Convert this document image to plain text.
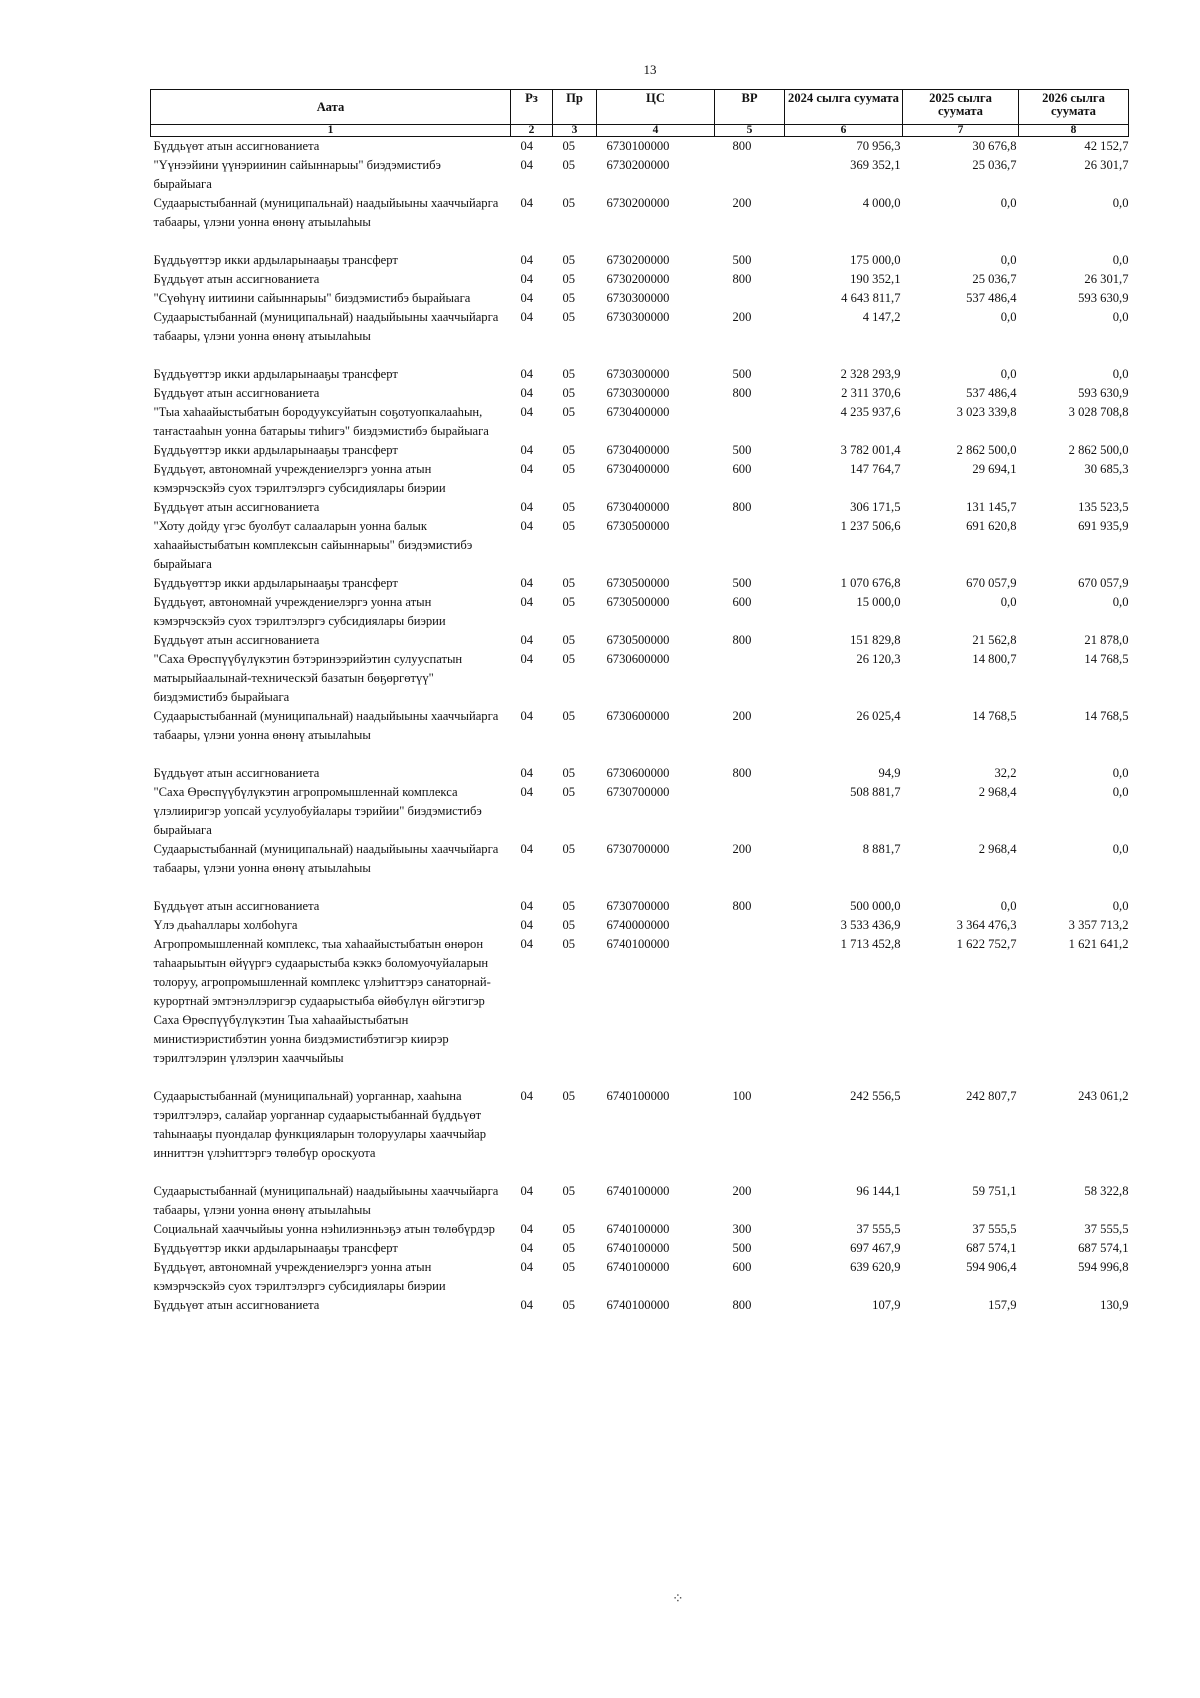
13
Аата	Рз	Пр	ЦС	ВР	2024 сылга суумата	2025 сылга суумата	2026 сылга суумата
1	2	3	4	5	6	7	8
Бүддьүөт атын ассигнованиета	04	05	6730100000	800	70 956,3	30 676,8	42 152,7
"Үүнээйини үүнэриинин сайыннарыы" биэдэмистибэ бырайыага	04	05	6730200000		369 352,1	25 036,7	26 301,7
Судаарыстыбаннай (муниципальнай) наадыйыыны хааччыйарга табаары, үлэни уонна өнөнү атыылаhыы	04	05	6730200000	200	4 000,0	0,0	0,0
Бүддьүөттэр икки ардыларынааҕы трансферт	04	05	6730200000	500	175 000,0	0,0	0,0
Бүддьүөт атын ассигнованиета	04	05	6730200000	800	190 352,1	25 036,7	26 301,7
"Сүөhүнү иитиини сайыннарыы" биэдэмистибэ бырайыага	04	05	6730300000		4 643 811,7	537 486,4	593 630,9
Судаарыстыбаннай (муниципальнай) наадыйыыны хааччыйарга табаары, үлэни уонна өнөнү атыылаhыы	04	05	6730300000	200	4 147,2	0,0	0,0
Бүддьүөттэр икки ардыларынааҕы трансферт	04	05	6730300000	500	2 328 293,9	0,0	0,0
Бүддьүөт атын ассигнованиета	04	05	6730300000	800	2 311 370,6	537 486,4	593 630,9
"Тыа хаhаайыстыбатын бородууксуйатын соҕотуопкалааhын, таҥастааhын уонна батарыы тиhигэ" биэдэмистибэ бырайыага	04	05	6730400000		4 235 937,6	3 023 339,8	3 028 708,8
Бүддьүөттэр икки ардыларынааҕы трансферт	04	05	6730400000	500	3 782 001,4	2 862 500,0	2 862 500,0
Бүддьүөт, автономнай учреждениелэргэ уонна атын кэмэрчэскэйэ суох тэрилтэлэргэ субсидиялары биэрии	04	05	6730400000	600	147 764,7	29 694,1	30 685,3
Бүддьүөт атын ассигнованиета	04	05	6730400000	800	306 171,5	131 145,7	135 523,5
"Хоту дойду үгэс буолбут салааларын уонна балык хаhаайыстыбатын комплексын сайыннарыы" биэдэмистибэ бырайыага	04	05	6730500000		1 237 506,6	691 620,8	691 935,9
Бүддьүөттэр икки ардыларынааҕы трансферт	04	05	6730500000	500	1 070 676,8	670 057,9	670 057,9
Бүддьүөт, автономнай учреждениелэргэ уонна атын кэмэрчэскэйэ суох тэрилтэлэргэ субсидиялары биэрии	04	05	6730500000	600	15 000,0	0,0	0,0
Бүддьүөт атын ассигнованиета	04	05	6730500000	800	151 829,8	21 562,8	21 878,0
"Саха Өрөспүүбүлүкэтин бэтэринээрийэтин сулууспатын матырыйаалынай-техническэй базатын бөҕөргөтүү" биэдэмистибэ бырайыага	04	05	6730600000		26 120,3	14 800,7	14 768,5
Судаарыстыбаннай (муниципальнай) наадыйыыны хааччыйарга табаары, үлэни уонна өнөнү атыылаhыы	04	05	6730600000	200	26 025,4	14 768,5	14 768,5
Бүддьүөт атын ассигнованиета	04	05	6730600000	800	94,9	32,2	0,0
"Саха Өрөспүүбүлүкэтин агропромышленнай комплекса үлэлииригэр уопсай усулуобуйалары тэрийии" биэдэмистибэ бырайыага	04	05	6730700000		508 881,7	2 968,4	0,0
Судаарыстыбаннай (муниципальнай) наадыйыыны хааччыйарга табаары, үлэни уонна өнөнү атыылаhыы	04	05	6730700000	200	8 881,7	2 968,4	0,0
Бүддьүөт атын ассигнованиета	04	05	6730700000	800	500 000,0	0,0	0,0
Үлэ дьаhаллары холбоhуга	04	05	6740000000		3 533 436,9	3 364 476,3	3 357 713,2
Агропромышленнай комплекс, тыа хаhаайыстыбатын өнөрон таhаарыытын өйүүргэ судаарыстыба кэккэ боломуочуйаларын толоруу, агропромышленнай комплекс үлэhиттэрэ санаторнай-курортнай эмтэнэллэригэр судаарыстыба өйөбүлүн өйгэтигэр Саха Өрөспүүбүлүкэтин Тыа хаhаайыстыбатын министиэристибэтин уонна биэдэмистибэтигэр киирэр тэрилтэлэрин үлэлэрин хааччыйыы	04	05	6740100000		1 713 452,8	1 622 752,7	1 621 641,2
Судаарыстыбаннай (муниципальнай) уорганнар, хааhына тэрилтэлэрэ, салайар уорганнар судаарыстыбаннай бүддьүөт таhынааҕы пуондалар функцияларын толоруулары хааччыйар инниттэн үлэhиттэргэ төлөбүр ороскуота	04	05	6740100000	100	242 556,5	242 807,7	243 061,2
Судаарыстыбаннай (муниципальнай) наадыйыыны хааччыйарга табаары, үлэни уонна өнөнү атыылаhыы	04	05	6740100000	200	96 144,1	59 751,1	58 322,8
Социальнай хааччыйыы уонна нэhилиэнньэҕэ атын төлөбүрдэр	04	05	6740100000	300	37 555,5	37 555,5	37 555,5
Бүддьүөттэр икки ардыларынааҕы трансферт	04	05	6740100000	500	697 467,9	687 574,1	687 574,1
Бүддьүөт, автономнай учреждениелэргэ уонна атын кэмэрчэскэйэ суох тэрилтэлэргэ субсидиялары биэрии	04	05	6740100000	600	639 620,9	594 906,4	594 996,8
Бүддьүөт атын ассигнованиета	04	05	6740100000	800	107,9	157,9	130,9
⁘
